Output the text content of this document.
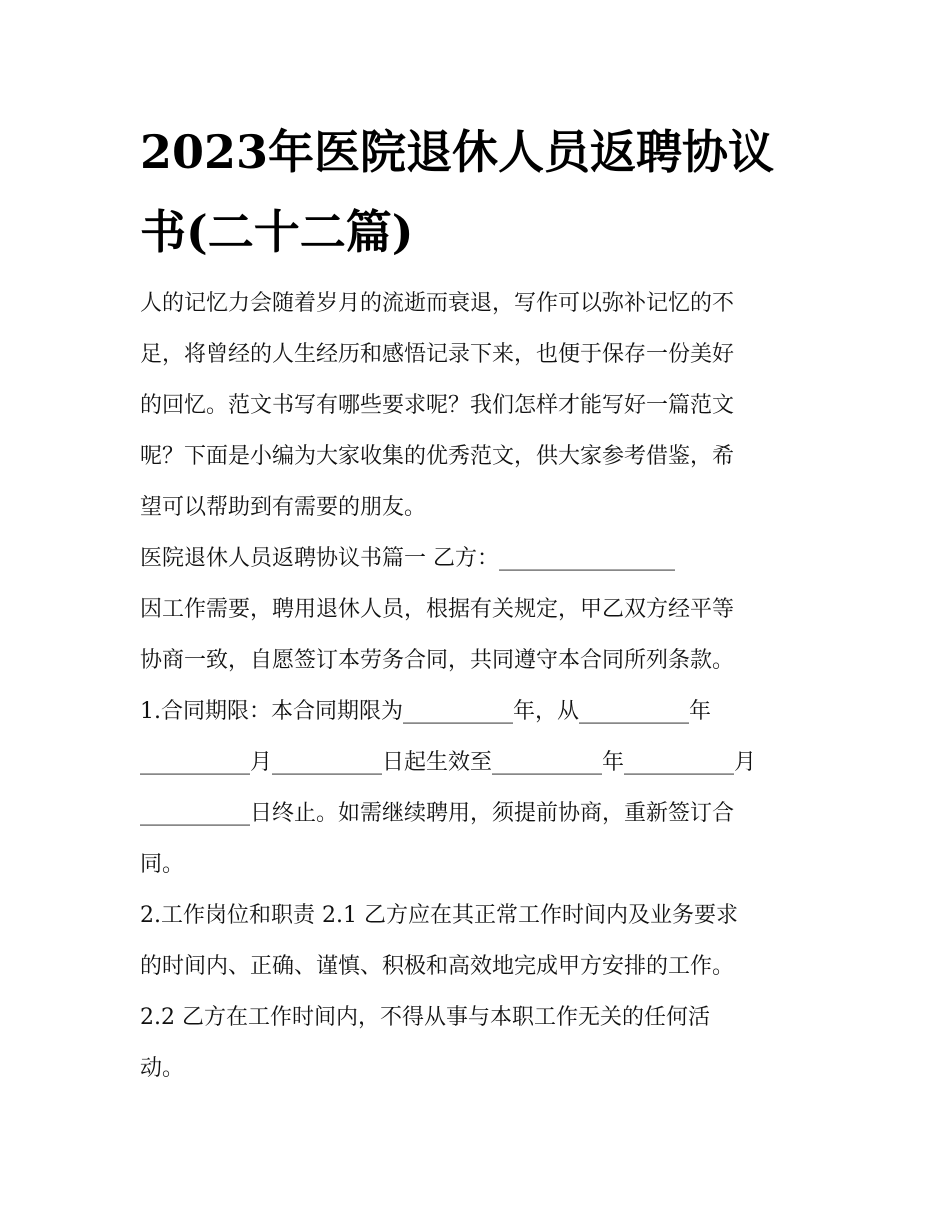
2023年医院退休人员返聘协议
书(二十二篇)
人的记忆力会随着岁月的流逝而衰退，写作可以弥补记忆的不
足，将曾经的人生经历和感悟记录下来，也便于保存一份美好
的回忆。范文书写有哪些要求呢？我们怎样才能写好一篇范文
呢？下面是小编为大家收集的优秀范文，供大家参考借鉴，希
望可以帮助到有需要的朋友。
医院退休人员返聘协议书篇一 乙方：________________
因工作需要，聘用退休人员，根据有关规定，甲乙双方经平等
协商一致，自愿签订本劳务合同，共同遵守本合同所列条款。
1.合同期限：本合同期限为__________年，从__________年
__________月__________日起生效至__________年__________月
__________日终止。如需继续聘用，须提前协商，重新签订合
同。
2.工作岗位和职责 2.1 乙方应在其正常工作时间内及业务要求
的时间内、正确、谨慎、积极和高效地完成甲方安排的工作。
2.2 乙方在工作时间内，不得从事与本职工作无关的任何活
动。
